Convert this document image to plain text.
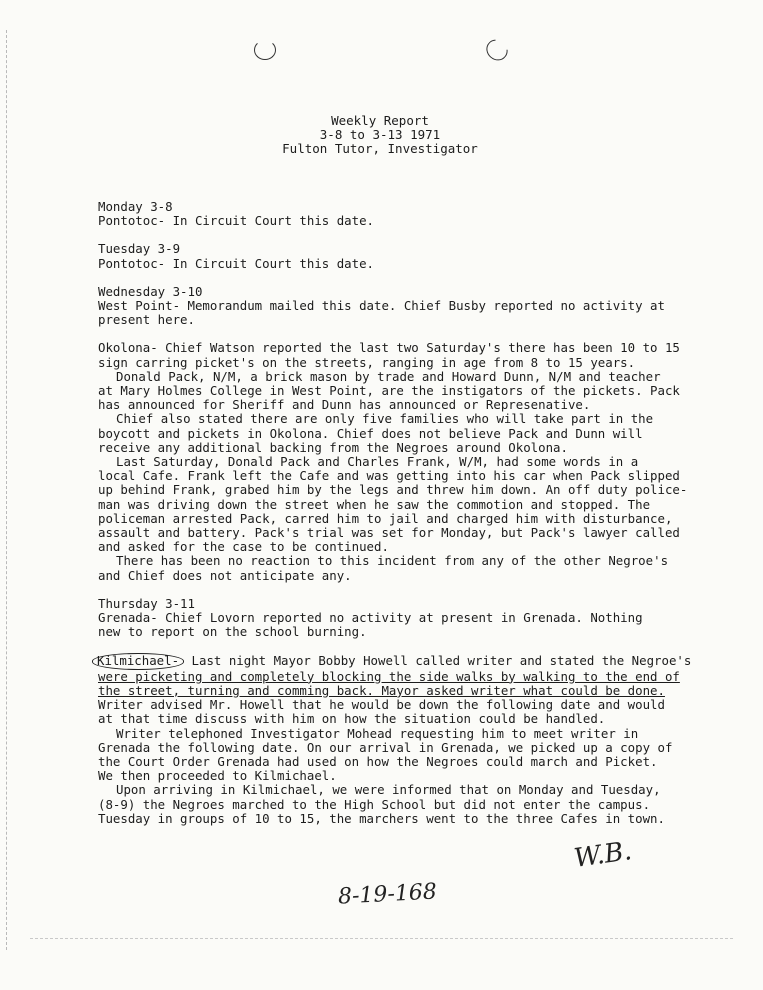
Weekly Report
3-8 to 3-13 1971
Fulton Tutor, Investigator
Monday 3-8
Pontotoc- In Circuit Court this date.
Tuesday 3-9
Pontotoc- In Circuit Court this date.
Wednesday 3-10
West Point- Memorandum mailed this date. Chief Busby reported no activity at
present here.
Okolona- Chief Watson reported the last two Saturday's there has been 10 to 15
sign carring picket's on the streets, ranging in age from 8 to 15 years.
Donald Pack, N/M, a brick mason by trade and Howard Dunn, N/M and teacher
at Mary Holmes College in West Point, are the instigators of the pickets. Pack
has announced for Sheriff and Dunn has announced or Represenative.
Chief also stated there are only five families who will take part in the
boycott and pickets in Okolona. Chief does not believe Pack and Dunn will
receive any additional backing from the Negroes around Okolona.
Last Saturday, Donald Pack and Charles Frank, W/M, had some words in a
local Cafe. Frank left the Cafe and was getting into his car when Pack slipped
up behind Frank, grabed him by the legs and threw him down. An off duty police-
man was driving down the street when he saw the commotion and stopped. The
policeman arrested Pack, carred him to jail and charged him with disturbance,
assault and battery. Pack's trial was set for Monday, but Pack's lawyer called
and asked for the case to be continued.
There has been no reaction to this incident from any of the other Negroe's
and Chief does not anticipate any.
Thursday 3-11
Grenada- Chief Lovorn reported no activity at present in Grenada. Nothing
new to report on the school burning.
Kilmichael- Last night Mayor Bobby Howell called writer and stated the Negroe's
were picketing and completely blocking the side walks by walking to the end of
the street, turning and comming back. Mayor asked writer what could be done.
Writer advised Mr. Howell that he would be down the following date and would
at that time discuss with him on how the situation could be handled.
Writer telephoned Investigator Mohead requesting him to meet writer in
Grenada the following date. On our arrival in Grenada, we picked up a copy of
the Court Order Grenada had used on how the Negroes could march and Picket.
We then proceeded to Kilmichael.
Upon arriving in Kilmichael, we were informed that on Monday and Tuesday,
(8-9) the Negroes marched to the High School but did not enter the campus.
Tuesday in groups of 10 to 15, the marchers went to the three Cafes in town.
W.B.
8-19-168
